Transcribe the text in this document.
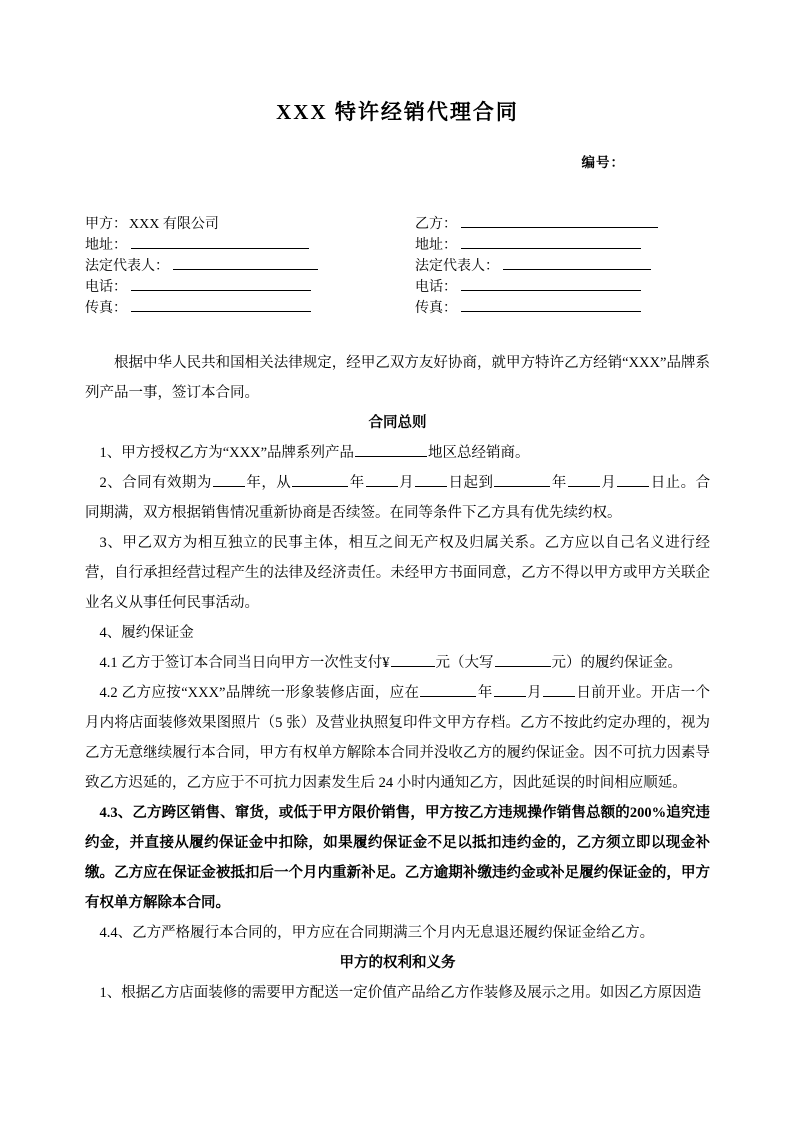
XXX 特许经销代理合同
编号：
甲方： XXX 有限公司	乙方：
地址：	地址：
法定代表人：	法定代表人：
电话：	电话：
传真：	传真：

根据中华人民共和国相关法律规定，经甲乙双方友好协商，就甲方特许乙方经销“XXX”品牌系列产品一事，签订本合同。

合同总则

1、甲方授权乙方为“XXX”品牌系列产品	地区总经销商。

2、合同有效期为 年，从	年 月 日起到	年 月 日止。合同期满，双方根据销售情况重新协商是否续签。在同等条件下乙方具有优先续约权。

3、甲乙双方为相互独立的民事主体，相互之间无产权及归属关系。乙方应以自己名义进行经营，自行承担经营过程产生的法律及经济责任。未经甲方书面同意，乙方不得以甲方或甲方关联企业名义从事任何民事活动。

4、履约保证金

4.1 乙方于签订本合同当日向甲方一次性支付¥	元（大写	元）的履约保证金。

4.2 乙方应按“XXX”品牌统一形象装修店面，应在	年 月 日前开业。开店一个月内将店面装修效果图照片（5 张）及营业执照复印件文甲方存档。乙方不按此约定办理的，视为乙方无意继续履行本合同，甲方有权单方解除本合同并没收乙方的履约保证金。因不可抗力因素导致乙方迟延的，乙方应于不可抗力因素发生后 24 小时内通知乙方，因此延误的时间相应顺延。

4.3、乙方跨区销售、窜货，或低于甲方限价销售，甲方按乙方违规操作销售总额的200%追究违约金，并直接从履约保证金中扣除，如果履约保证金不足以抵扣违约金的，乙方须立即以现金补缴。乙方应在保证金被抵扣后一个月内重新补足。乙方逾期补缴违约金或补足履约保证金的，甲方有权单方解除本合同。

4.4、乙方严格履行本合同的，甲方应在合同期满三个月内无息退还履约保证金给乙方。

甲方的权利和义务

1、根据乙方店面装修的需要甲方配送一定价值产品给乙方作装修及展示之用。如因乙方原因造
